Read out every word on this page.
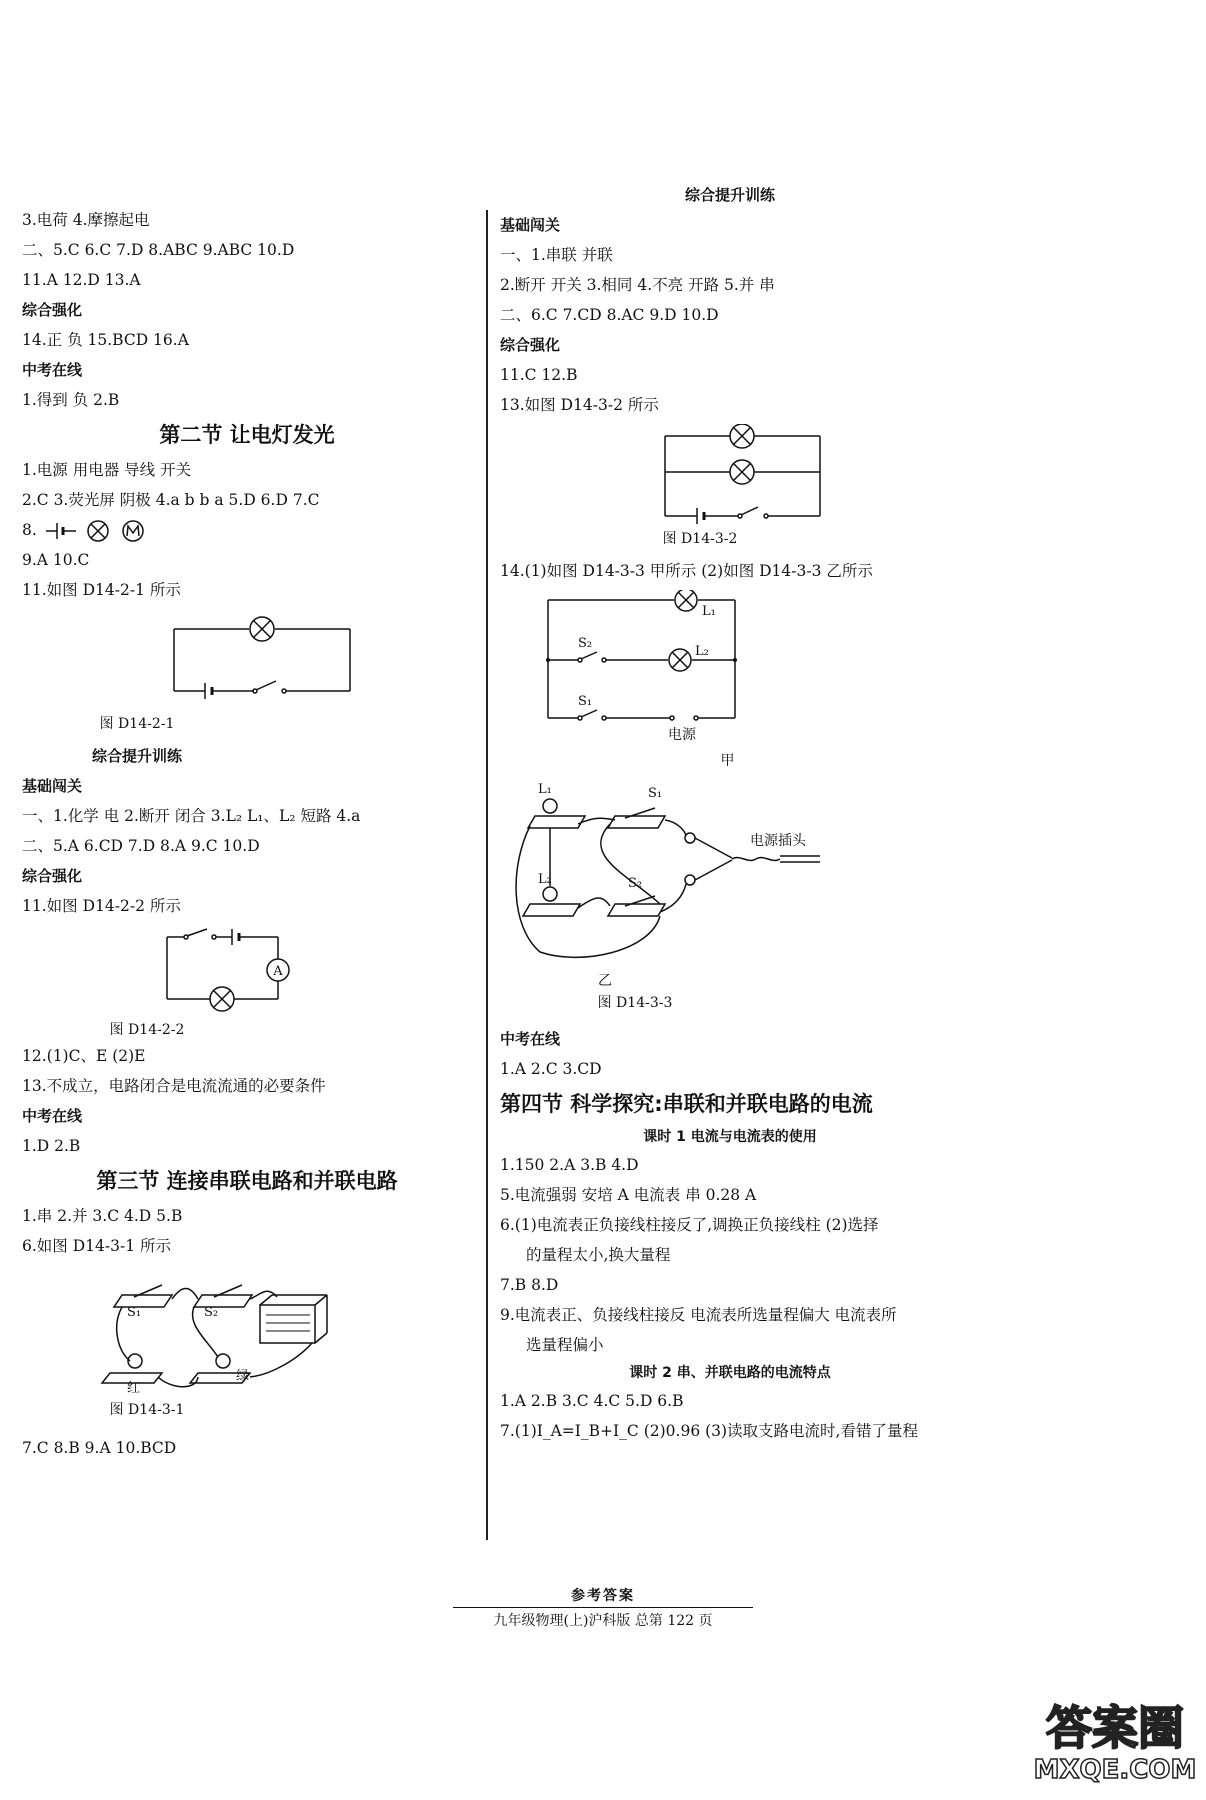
3.电荷 4.摩擦起电
二、5.C 6.C 7.D 8.ABC 9.ABC 10.D
11.A 12.D 13.A
综合强化
14.正 负 15.BCD 16.A
中考在线
1.得到 负 2.B
第二节 让电灯发光
1.电源 用电器 导线 开关
2.C 3.荧光屏 阴极 4.a b b a 5.D 6.D 7.C
8.

9.A 10.C
11.如图 D14-2-1 所示
图 D14-2-1
综合提升训练
基础闯关
一、1.化学 电 2.断开 闭合 3.L₂ L₁、L₂ 短路 4.a
二、5.A 6.CD 7.D 8.A 9.C 10.D
综合强化
11.如图 D14-2-2 所示
A
图 D14-2-2
12.(1)C、E (2)E
13.不成立，电路闭合是电流流通的必要条件
中考在线
1.D 2.B
第三节 连接串联电路和并联电路
1.串 2.并 3.C 4.D 5.B
6.如图 D14-3-1 所示
S₁	S₂
红
绿
图 D14-3-1
7.C 8.B 9.A 10.BCD
综合提升训练
基础闯关
一、1.串联 并联
2.断开 开关 3.相同 4.不亮 开路 5.并 串
二、6.C 7.CD 8.AC 9.D 10.D
综合强化
11.C 12.B
13.如图 D14-3-2 所示
图 D14-3-2
14.(1)如图 D14-3-3 甲所示 (2)如图 D14-3-3 乙所示
L₁
L₂
S₂
S₁
电源
甲
L₁
L₂
S₁
S₂
电源插头
乙
图 D14-3-3
中考在线
1.A 2.C 3.CD
第四节 科学探究:串联和并联电路的电流
课时 1 电流与电流表的使用
1.150 2.A 3.B 4.D
5.电流强弱 安培 A 电流表 串 0.28 A
6.(1)电流表正负接线柱接反了,调换正负接线柱 (2)选择
的量程太小,换大量程
7.B 8.D
9.电流表正、负接线柱接反 电流表所选量程偏大 电流表所
选量程偏小
课时 2 串、并联电路的电流特点
1.A 2.B 3.C 4.C 5.D 6.B
7.(1)I_A=I_B+I_C (2)0.96 (3)读取支路电流时,看错了量程
参考答案
九年级物理(上)沪科版 总第 122 页
答案圈
MXQE.COM
